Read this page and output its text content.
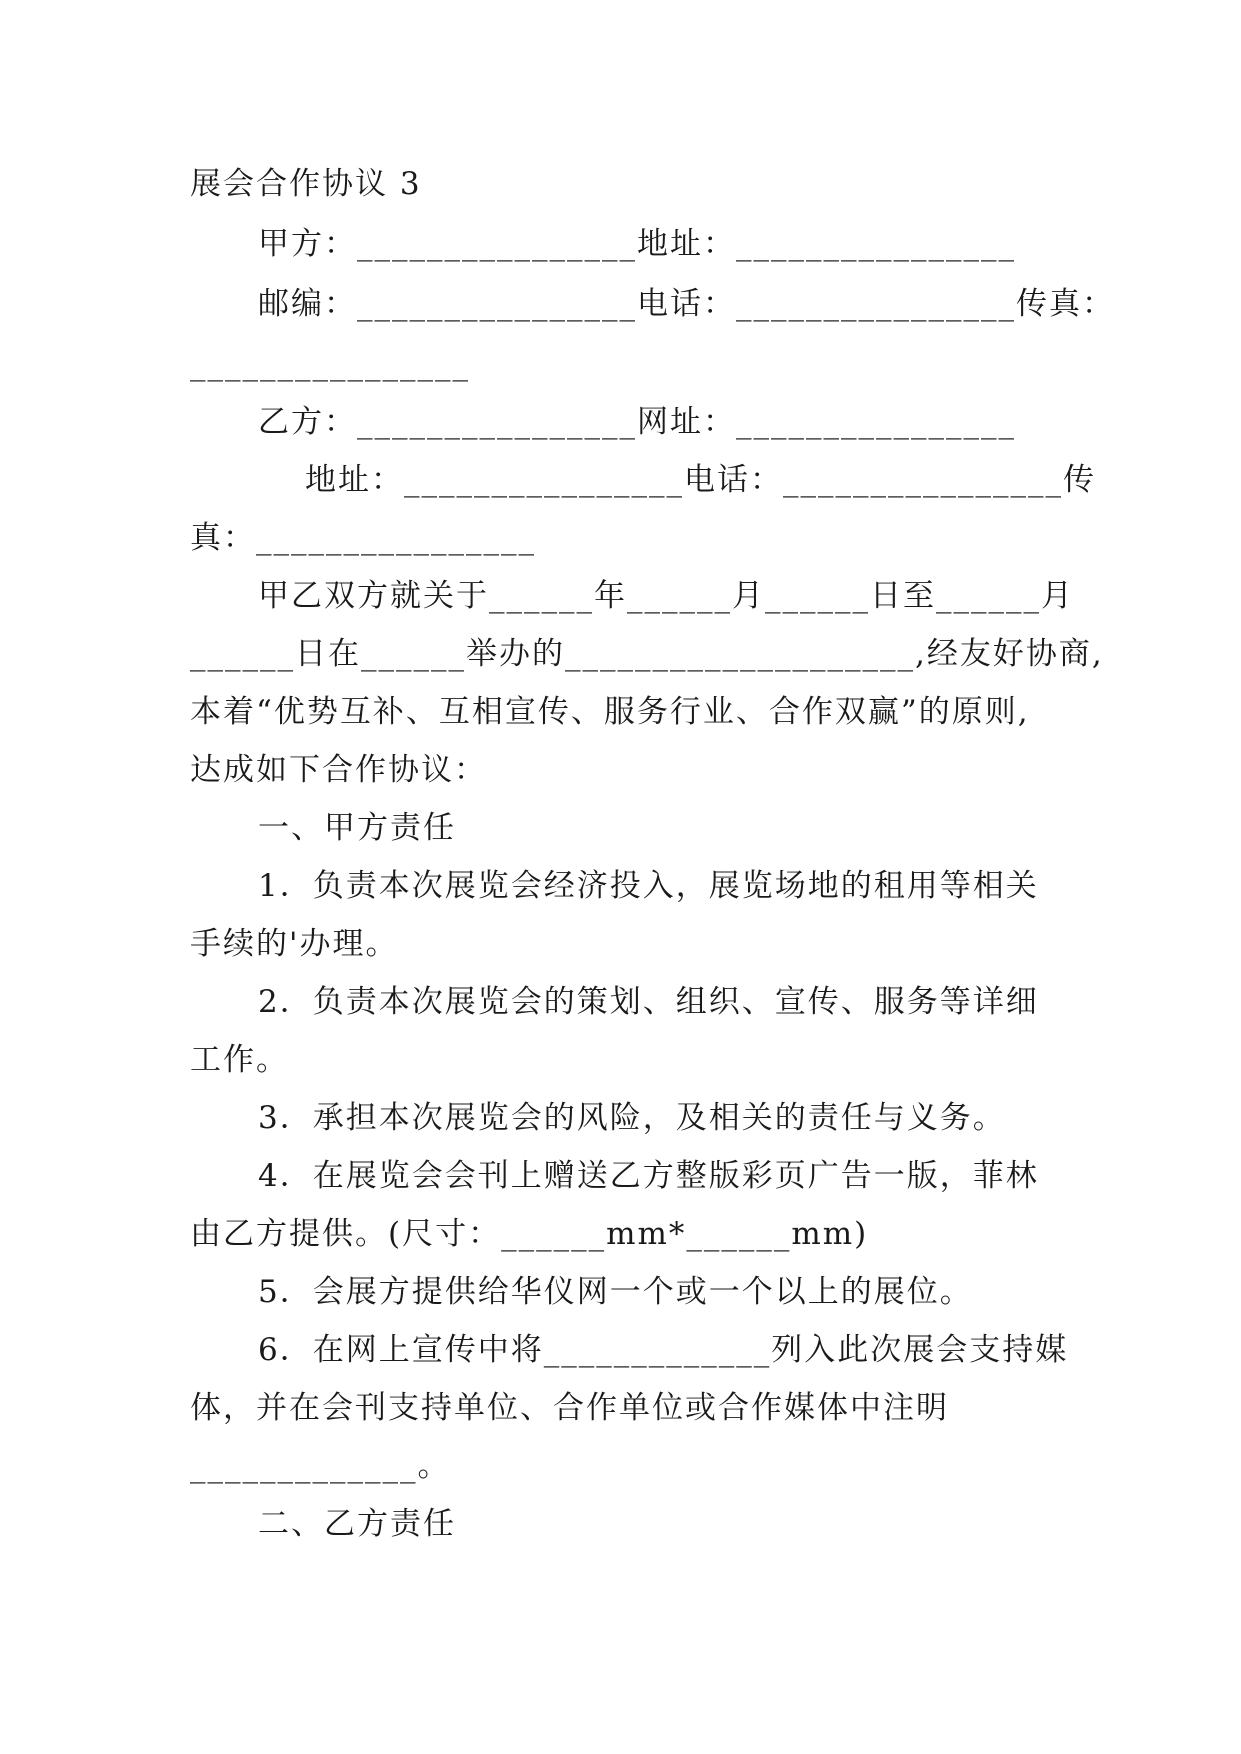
展会合作协议 3
甲方：________________地址：________________
邮编：________________电话：________________传真：
________________
乙方：________________网址：________________
地址：________________电话：________________传
真：________________
甲乙双方就关于______年______月______日至______月
______日在______举办的____________________,经友好协商,
本着“优势互补、互相宣传、服务行业、合作双赢”的原则,
达成如下合作协议：
一、甲方责任
1．负责本次展览会经济投入，展览场地的租用等相关
手续的'办理。
2．负责本次展览会的策划、组织、宣传、服务等详细
工作。
3．承担本次展览会的风险，及相关的责任与义务。
4．在展览会会刊上赠送乙方整版彩页广告一版，菲林
由乙方提供。(尺寸：______mm*______mm)
5．会展方提供给华仪网一个或一个以上的展位。
6．在网上宣传中将_____________列入此次展会支持媒
体，并在会刊支持单位、合作单位或合作媒体中注明
_____________。
二、乙方责任
